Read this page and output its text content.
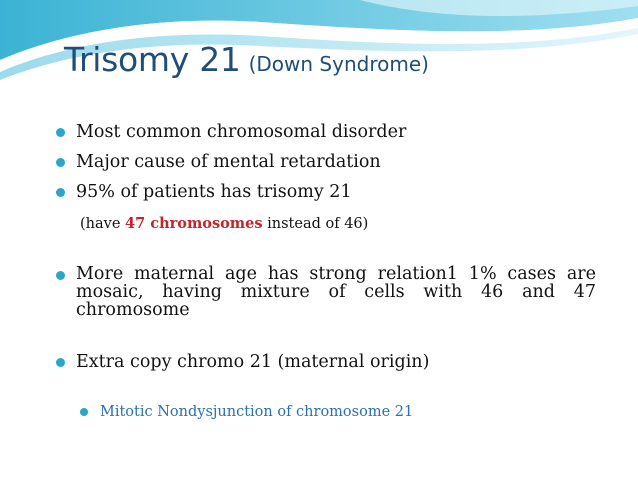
Trisomy 21 (Down Syndrome)
Most common chromosomal disorder
Major cause of mental retardation
95% of patients has trisomy 21
(have 47 chromosomes instead of 46)
More maternal age has strong relation1 1% cases are
mosaic, having mixture of cells with 46 and 47
chromosome
Extra copy chromo 21 (maternal origin)
Mitotic Nondysjunction of chromosome 21
